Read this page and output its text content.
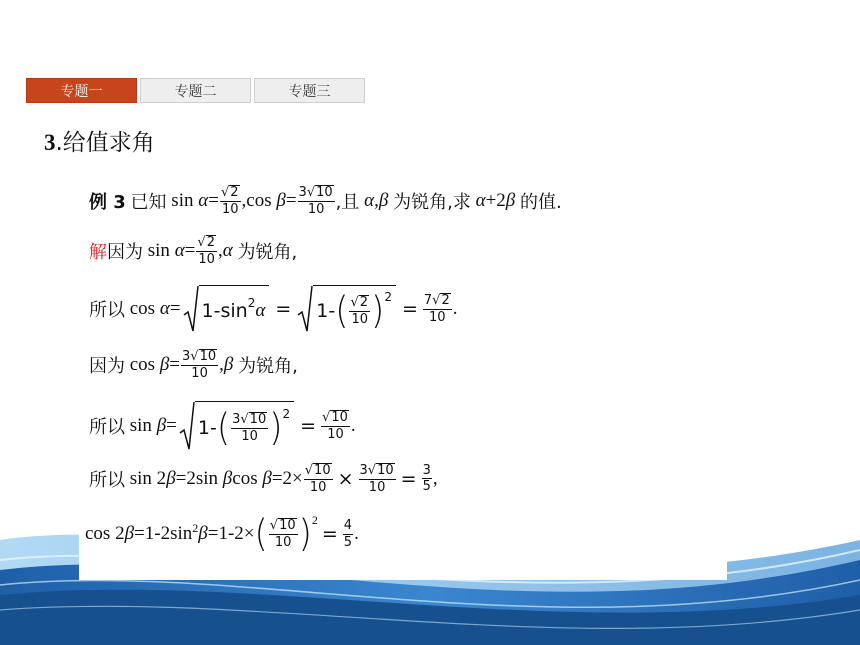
专题一	专题二	专题三
3.给值求角
例 3
已知 $\sin \alpha = \frac{√ 2}{10} ,\cos$ $\beta = \frac{3√ 10}{10}$ ,且
α , β
为锐角,求
α +2 β
的值.
解 因为 $\sin \alpha = \frac{√ 2}{10}$ , α
为锐角,
所以 cos α = 1-sin 2 α = 1- ( $\frac{√ 2}{10}$ ) 2
= $\frac{7√ 2}{10}$ .
因为 $\cos \beta = \frac{3√ 10}{10}$ , β
为锐角,
所以 sin β = 1- ( $\frac{3√ 10}{10}$ ) 2
= $\frac{√ 10}{10}$ .
所以 sin 2 β =2sin β $\cos \beta =2\times \frac{√ 10}{10} \times \frac{3√ 10}{10} = \frac{3}{5}$ ,
cos 2 β =1-2sin 2 β =1-2× ( $\frac{√ 10}{10}$ ) 2
= $\frac{4}{5}$ .
